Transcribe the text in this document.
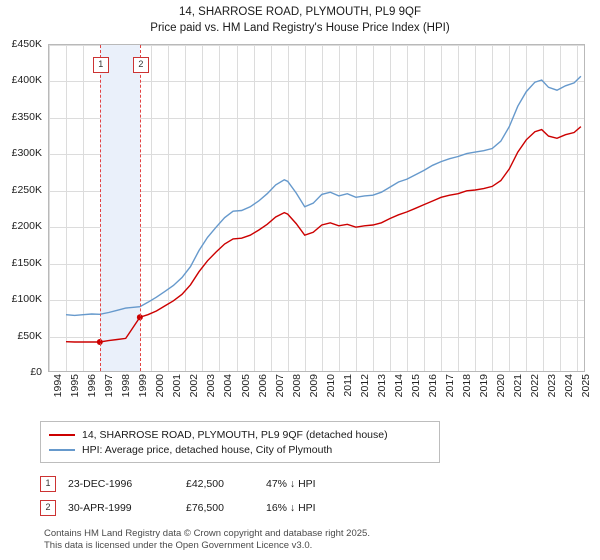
14, SHARROSE ROAD, PLYMOUTH, PL9 9QF
Price paid vs. HM Land Registry's House Price Index (HPI)
£0
£50K
£100K
£150K
£200K
£250K
£300K
£350K
£400K
£450K
1	2
1994 1995 1996 1997 1998 1999 2000 2001 2002 2003 2004 2005 2006 2007 2008 2009 2010 2011 2012 2013 2014 2015 2016 2017 2018 2019 2020 2021 2022 2023 2024 2025
14, SHARROSE ROAD, PLYMOUTH, PL9 9QF (detached house)
HPI: Average price, detached house, City of Plymouth
1	23-DEC-1996	£42,500	47% ↓ HPI
2	30-APR-1999	£76,500	16% ↓ HPI
Contains HM Land Registry data © Crown copyright and database right 2025.
This data is licensed under the Open Government Licence v3.0.
